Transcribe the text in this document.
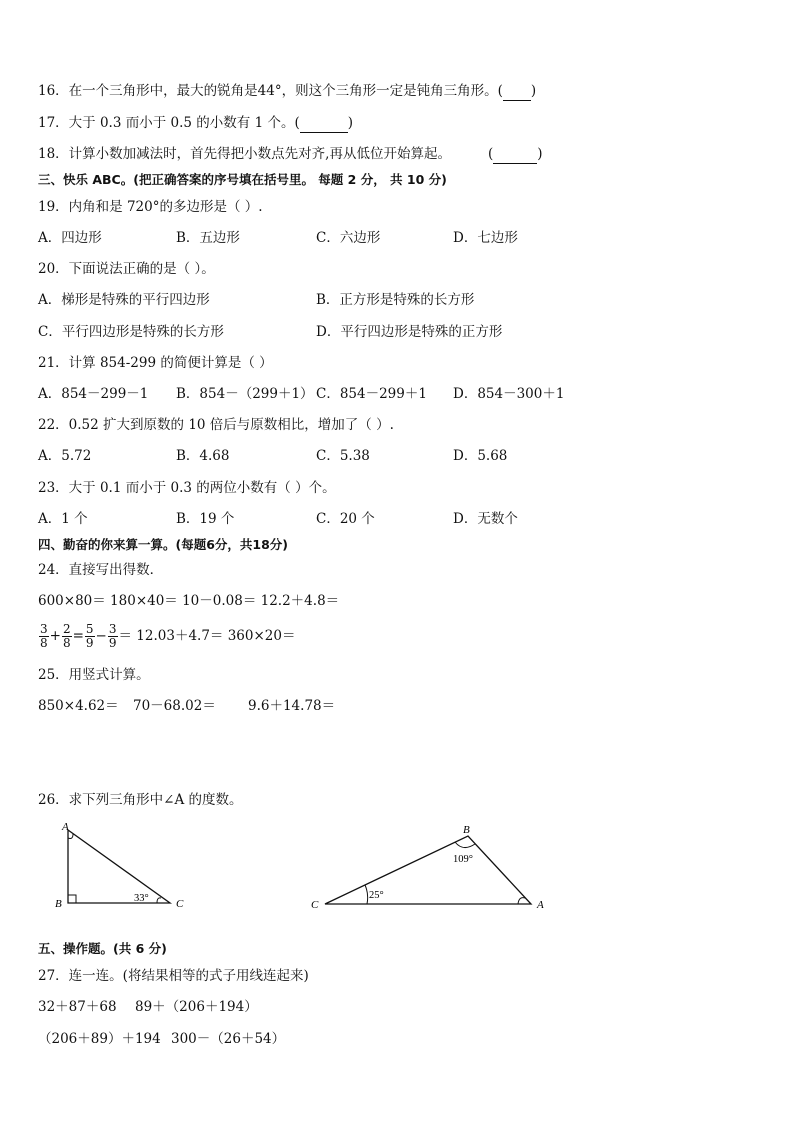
16．在一个三角形中，最大的锐角是44°，则这个三角形一定是钝角三角形。( )
17．大于 0.3 而小于 0.5 的小数有 1 个。(	)
18．计算小数加减法时，首先得把小数点先对齐,再从低位开始算起。	(	)
三、快乐 ABC。(把正确答案的序号填在括号里。 每题 2 分， 共 10 分)
19．内角和是 720°的多边形是（ ）.
A．四边形	B．五边形	C．六边形	D．七边形
20．下面说法正确的是（ ）。
A．梯形是特殊的平行四边形	B．正方形是特殊的长方形
C．平行四边形是特殊的长方形	D．平行四边形是特殊的正方形
21．计算 854-299 的简便计算是（ ）
A．854－299－1 B．854－（299＋1） C．854－299＋1 D．854－300＋1
22．0.52 扩大到原数的 10 倍后与原数相比，增加了（ ）.
A．5.72	B．4.68	C．5.38	D．5.68
23．大于 0.1 而小于 0.3 的两位小数有（ ）个。
A．1 个	B．19 个	C．20 个	D．无数个
四、勤奋的你来算一算。(每题6分，共18分)
24．直接写出得数．
600×80＝ 180×40＝ 10－0.08＝ 12.2＋4.8＝
$\frac{3}{8} + \frac{2}{8} = \frac{5}{9} - \frac{3}{9} = 12.03+4.7= 360\times 20=$
25．用竖式计算。
850×4.62＝ 70－68.02＝ 9.6＋14.78＝
26．求下列三角形中∠A 的度数。
A
B	C
33°
B
C	A
109°
25°
五、操作题。(共 6 分)
27．连一连。(将结果相等的式子用线连起来)
32＋87＋68 89＋（206＋194）
（206＋89）＋194 300－（26＋54）
